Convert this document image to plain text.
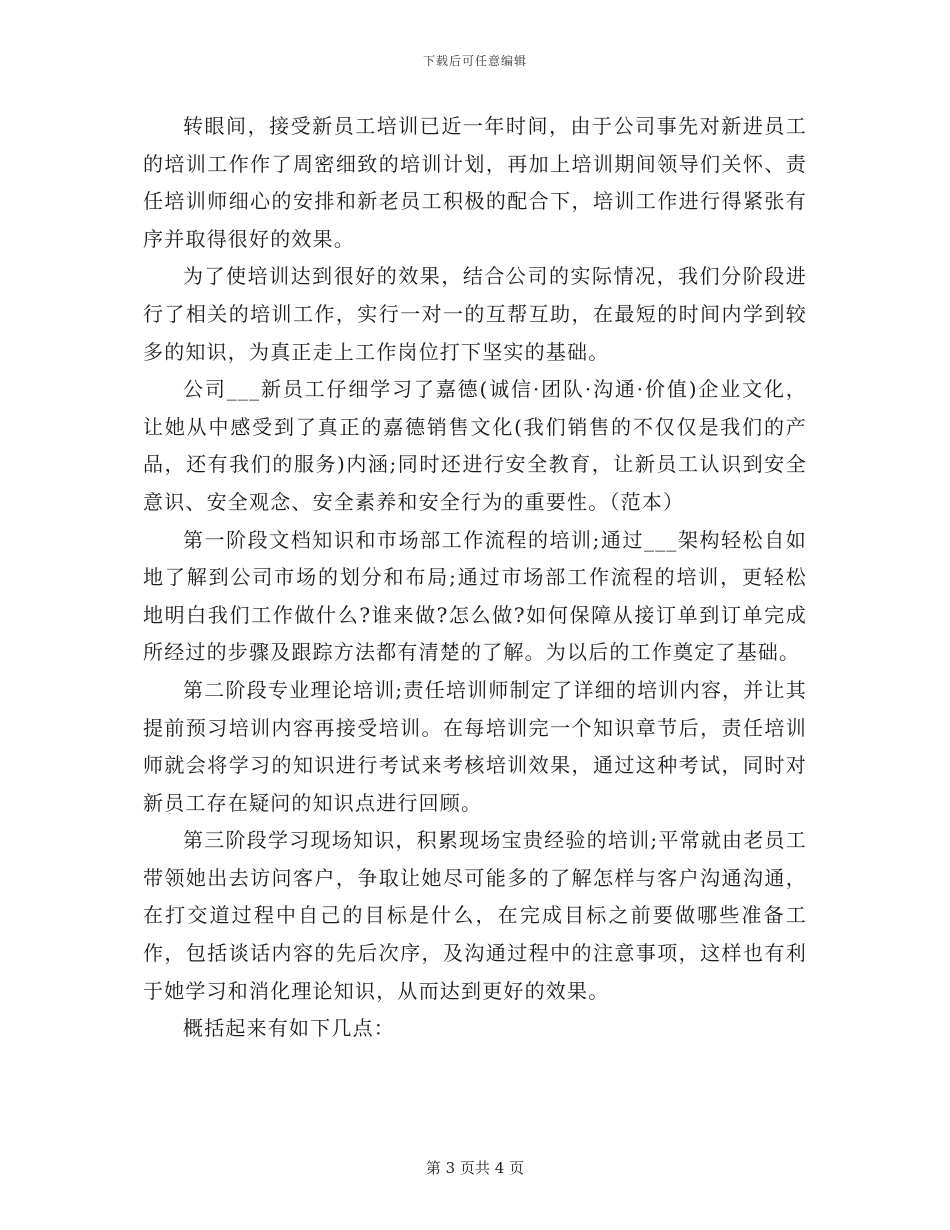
下载后可任意编辑

转眼间，接受新员工培训已近一年时间，由于公司事先对新进员工的培训工作作了周密细致的培训计划，再加上培训期间领导们关怀、责任培训师细心的安排和新老员工积极的配合下，培训工作进行得紧张有序并取得很好的效果。

为了使培训达到很好的效果，结合公司的实际情况，我们分阶段进行了相关的培训工作，实行一对一的互帮互助，在最短的时间内学到较多的知识，为真正走上工作岗位打下坚实的基础。

公司___新员工仔细学习了嘉德(诚信·团队·沟通·价值)企业文化，让她从中感受到了真正的嘉德销售文化(我们销售的不仅仅是我们的产品，还有我们的服务)内涵;同时还进行安全教育，让新员工认识到安全意识、安全观念、安全素养和安全行为的重要性。（范本）

第一阶段文档知识和市场部工作流程的培训;通过___架构轻松自如地了解到公司市场的划分和布局;通过市场部工作流程的培训，更轻松地明白我们工作做什么?谁来做?怎么做?如何保障从接订单到订单完成所经过的步骤及跟踪方法都有清楚的了解。为以后的工作奠定了基础。

第二阶段专业理论培训;责任培训师制定了详细的培训内容，并让其提前预习培训内容再接受培训。在每培训完一个知识章节后，责任培训师就会将学习的知识进行考试来考核培训效果，通过这种考试，同时对新员工存在疑问的知识点进行回顾。

第三阶段学习现场知识，积累现场宝贵经验的培训;平常就由老员工带领她出去访问客户，争取让她尽可能多的了解怎样与客户沟通沟通，在打交道过程中自己的目标是什么，在完成目标之前要做哪些准备工作，包括谈话内容的先后次序，及沟通过程中的注意事项，这样也有利于她学习和消化理论知识，从而达到更好的效果。

概括起来有如下几点：

第 3 页共 4 页
